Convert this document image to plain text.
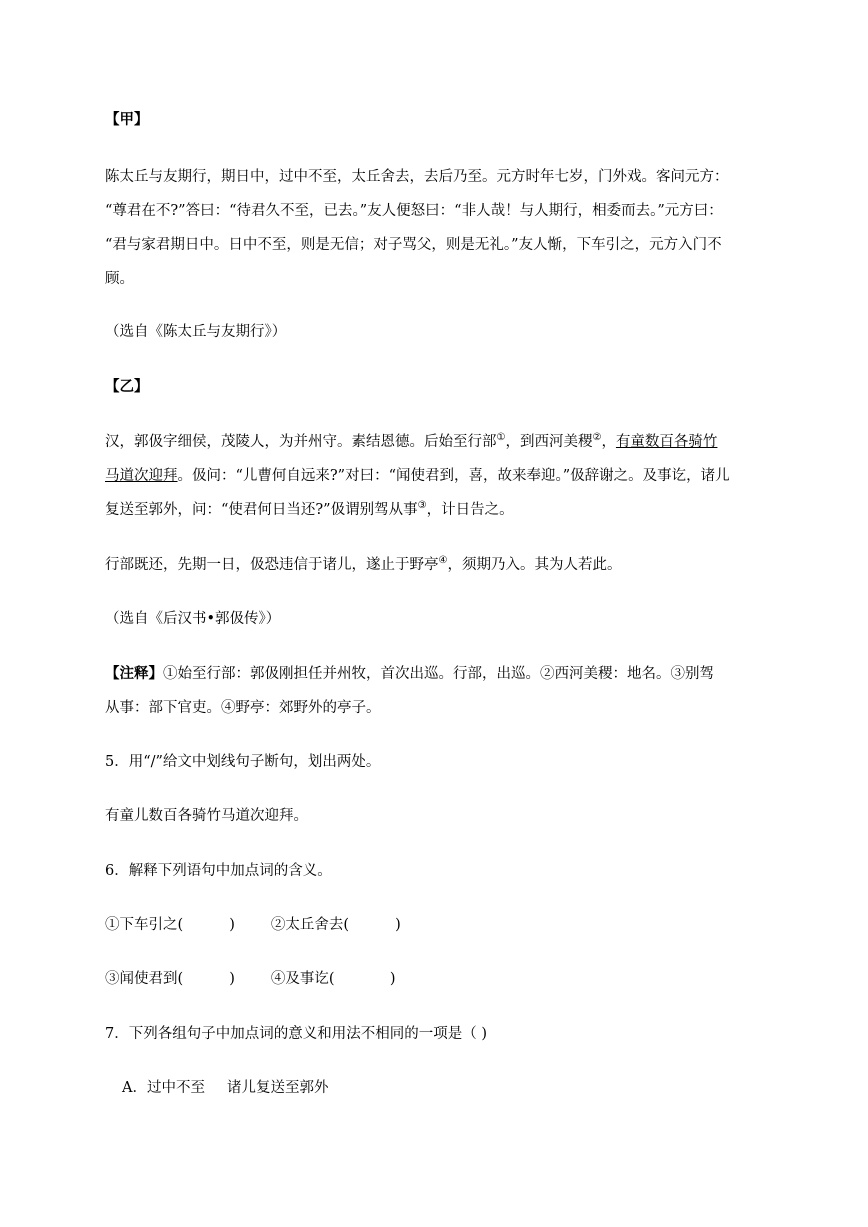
【甲】
陈太丘与友期行，期日中，过中不至，太丘舍去，去后乃至。元方时年七岁，门外戏。客问元方：
“尊君在不?”答曰：“待君久不至，已去。”友人便怒曰：“非人哉！与人期行，相委而去。”元方曰：
“君与家君期日中。日中不至，则是无信；对子骂父，则是无礼。”友人惭，下车引之，元方入门不
顾。
（选自《陈太丘与友期行》）
【乙】
汉，郭伋字细侯，茂陵人，为并州守。素结恩德。后始至行部①，到西河美稷②，有童数百各骑竹
马道次迎拜。伋问：“儿曹何自远来?”对曰：“闻使君到，喜，故来奉迎。”伋辞谢之。及事讫，诸儿
复送至郭外，问：“使君何日当还?”伋谓别驾从事③，计日告之。
行部既还，先期一日，伋恐违信于诸儿，遂止于野亭④，须期乃入。其为人若此。
（选自《后汉书•郭伋传》）
【注释】①始至行部：郭伋刚担任并州牧，首次出巡。行部，出巡。②西河美稷：地名。③别驾
从事：部下官吏。④野亭：郊野外的亭子。
5．用“/”给文中划线句子断句，划出两处。
有童儿数百各骑竹马道次迎拜。
6．解释下列语句中加点词的含义。
①下车引之(          ) ②太丘舍去(          )
③闻使君到(          ) ④及事讫(            )
7．下列各组句子中加点词的意义和用法不相同的一项是（ )
A．过中不至 诸儿复送至郭外
